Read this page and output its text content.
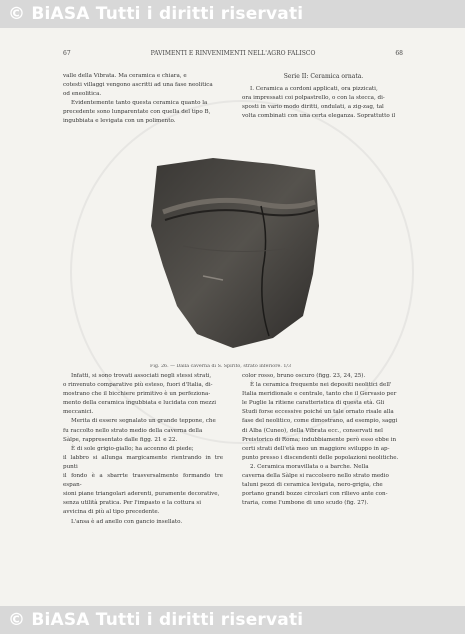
© BiASA Tutti i diritti riservati
67	PAVIMENTI E RINVENIMENTI NELL'AGRO FALISCO	68

valle della Vibrata. Ma ceramica e chiara, e

cotesti villaggi vengono ascritti ad una fase neolitica

od eneolitica.

Evidentemente tanto questa ceramica quanto la

precedente sono lunparentate con quella del tipo B,

ingubbiata e levigata con un polimento.

Serie II: Ceramica ornata.

I. Ceramica a cordoni applicati, ora pizzicati,

ora impressati coi polpastrello, o con la stecca, di-

sposti in vario modo diritti, ondulati, a zig-zag, tal

volta combinati con una certa eleganza. Soprattutto il

Fig. 26. — Dalla caverna di S. Spirito, strato inferiore. 1/3

Infatti, si sono trovati associati negli stessi strati,

o rinvenuto comparative più esteso, fuori d'Italia, di-

mostrano che il bicchiere primitivo è un perfeziona-

mento della ceramica ingubbiata e lucidata con mezzi

meccanici.

Merita di essere segnalato un grande teppone, che

fu raccolto nello strato medio della caverna della

Sàlpe, rappresentato dalle figg. 21 e 22.

È di sole grigio-giallo; ha accenno di piede;

il labbro si allunga margicamente rientrando in tre punti

il fondo è a sbarrte trasversalmente formando tre espan-

sioni piane triangolari aderenti, puramente decorative,

senza utilità pratica. Per l'impasto e la cottura si

avvicina di più al tipo precedente.

L'ansa è ad anello con gancio insellato.

color rosso, bruno oscuro (figg. 23, 24, 25).

È la ceramica frequente nei depositi neolitici dell'

Italia meridionale e centrale, tanto che il Gervasio per

le Puglie la ritiene caratteristica di questa età. Gli

Studi forse eccessive poiché un tale ornato risale alla

fase del neolitico, come dimostrano, ad esempio, saggi

di Alba (Cuneo), della Vibrata ecc., conservati nel

Preistorico di Roma; indubbiamente però esso ebbe in

certi strati dell'età meo un maggiore sviluppo in ap-

punto presso i discendenti delle popolazioni neolitiche.

2. Ceramica moravillata o a barche. Nella

caverna della Sàlpe si raccolsero nello strato medio

taluni pezzi di ceramica levigata, nero-grigia, che

portano grandi bozze circolari con rilievo ante con-

traria, come l'umbone di uno scudo (fig. 27).

© BiASA Tutti i diritti riservati
